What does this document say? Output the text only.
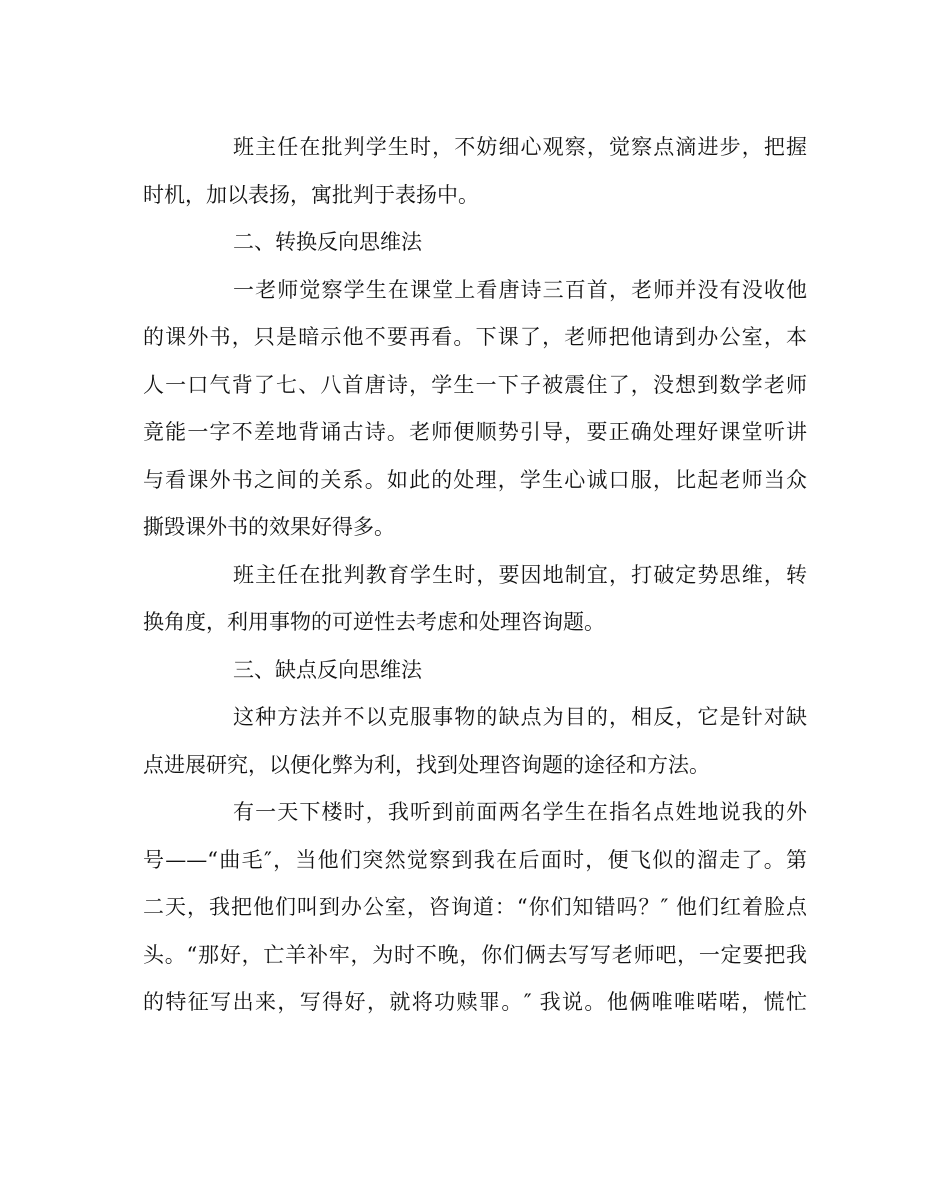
班主任在批判学生时，不妨细心观察，觉察点滴进步，把握
时机，加以表扬，寓批判于表扬中。
二、转换反向思维法
一老师觉察学生在课堂上看唐诗三百首，老师并没有没收他
的课外书，只是暗示他不要再看。下课了，老师把他请到办公室，本
人一口气背了七、八首唐诗，学生一下子被震住了，没想到数学老师
竟能一字不差地背诵古诗。老师便顺势引导，要正确处理好课堂听讲
与看课外书之间的关系。如此的处理，学生心诚口服，比起老师当众
撕毁课外书的效果好得多。
班主任在批判教育学生时，要因地制宜，打破定势思维，转
换角度，利用事物的可逆性去考虑和处理咨询题。
三、缺点反向思维法
这种方法并不以克服事物的缺点为目的，相反，它是针对缺
点进展研究，以便化弊为利，找到处理咨询题的途径和方法。
有一天下楼时，我听到前面两名学生在指名点姓地说我的外
号——“曲毛″，当他们突然觉察到我在后面时，便飞似的溜走了。第
二天，我把他们叫到办公室，咨询道：“你们知错吗？″ 他们红着脸点
头。“那好，亡羊补牢，为时不晚，你们俩去写写老师吧，一定要把我
的特征写出来，写得好，就将功赎罪。″ 我说。他俩唯唯喏喏，慌忙
